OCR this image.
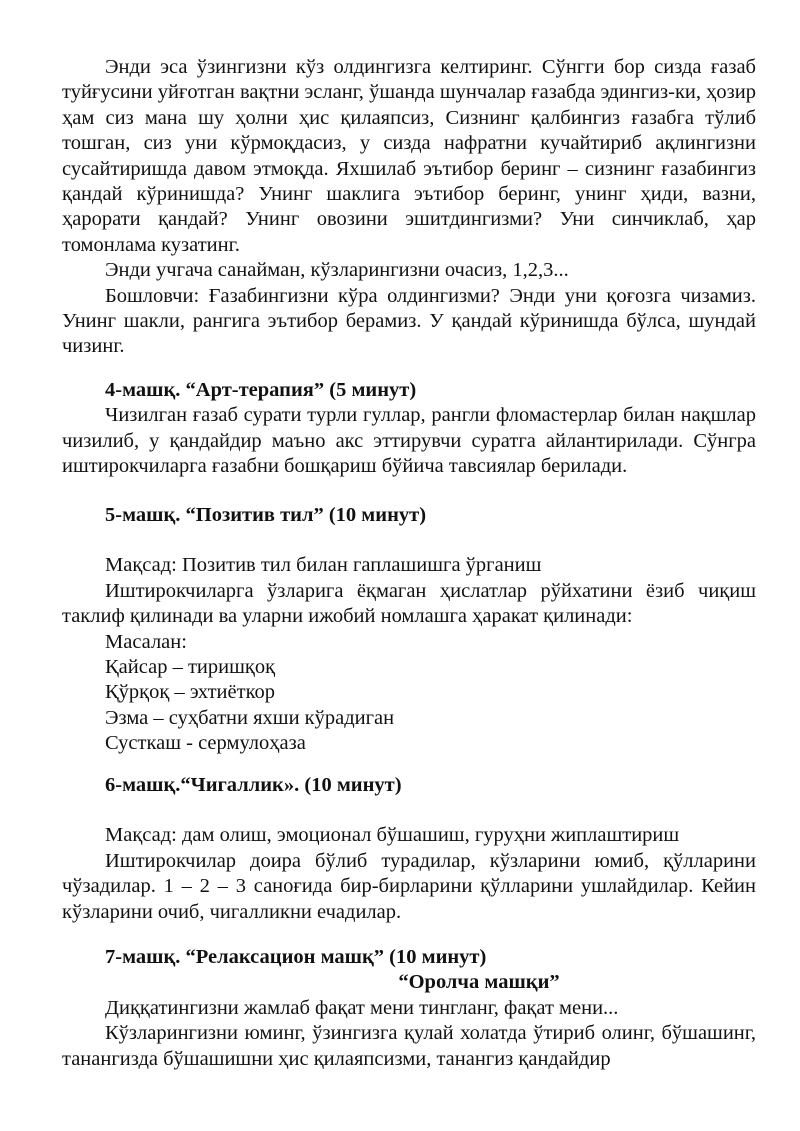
Энди эса ўзингизни кўз олдингизга келтиринг. Сўнгги бор сизда ғазаб туйғусини уйғотган вақтни эсланг, ўшанда шунчалар ғазабда эдингиз-ки, ҳозир ҳам сиз мана шу ҳолни ҳис қилаяпсиз, Сизнинг қалбингиз ғазабга тўлиб тошган, сиз уни кўрмоқдасиз, у сизда нафратни кучайтириб ақлингизни сусайтиришда давом этмоқда. Яхшилаб эътибор беринг – сизнинг ғазабингиз қандай кўринишда? Унинг шаклига эътибор беринг, унинг ҳиди, вазни, ҳарорати қандай? Унинг овозини эшитдингизми? Уни синчиклаб, ҳар томонлама кузатинг.

Энди учгача санайман, кўзларингизни очасиз, 1,2,3...

Бошловчи: Ғазабингизни кўра олдингизми? Энди уни қоғозга чизамиз. Унинг шакли, рангига эътибор берамиз. У қандай кўринишда бўлса, шундай чизинг.

4-машқ. “Арт-терапия” (5 минут)

Чизилган ғазаб сурати турли гуллар, рангли фломастерлар билан нақшлар чизилиб, у қандайдир маъно акс эттирувчи суратга айлантирилади. Сўнгра иштирокчиларга ғазабни бошқариш бўйича тавсиялар берилади.

5-машқ. “Позитив тил” (10 минут)

Мақсад: Позитив тил билан гаплашишга ўрганиш

Иштирокчиларга ўзларига ёқмаган ҳислатлар рўйхатини ёзиб чиқиш таклиф қилинади ва уларни ижобий номлашга ҳаракат қилинади:

Масалан:

Қайсар – тиришқоқ

Қўрқоқ – эхтиёткор

Эзма – суҳбатни яхши кўрадиган

Сусткаш - сермулоҳаза

6-машқ.“Чигаллик». (10 минут)

Мақсад: дам олиш, эмоционал бўшашиш, гуруҳни жиплаштириш

Иштирокчилар доира бўлиб турадилар, кўзларини юмиб, қўлларини чўзадилар. 1 – 2 – 3 саноғида бир-бирларини қўлларини ушлайдилар. Кейин кўзларини очиб, чигалликни ечадилар.

7-машқ. “Релаксацион машқ” (10 минут)

“Оролча машқи”

Диққатингизни жамлаб фақат мени тингланг, фақат мени...

Кўзларингизни юминг, ўзингизга қулай холатда ўтириб олинг, бўшашинг, танангизда бўшашишни ҳис қилаяпсизми, танангиз қандайдир
